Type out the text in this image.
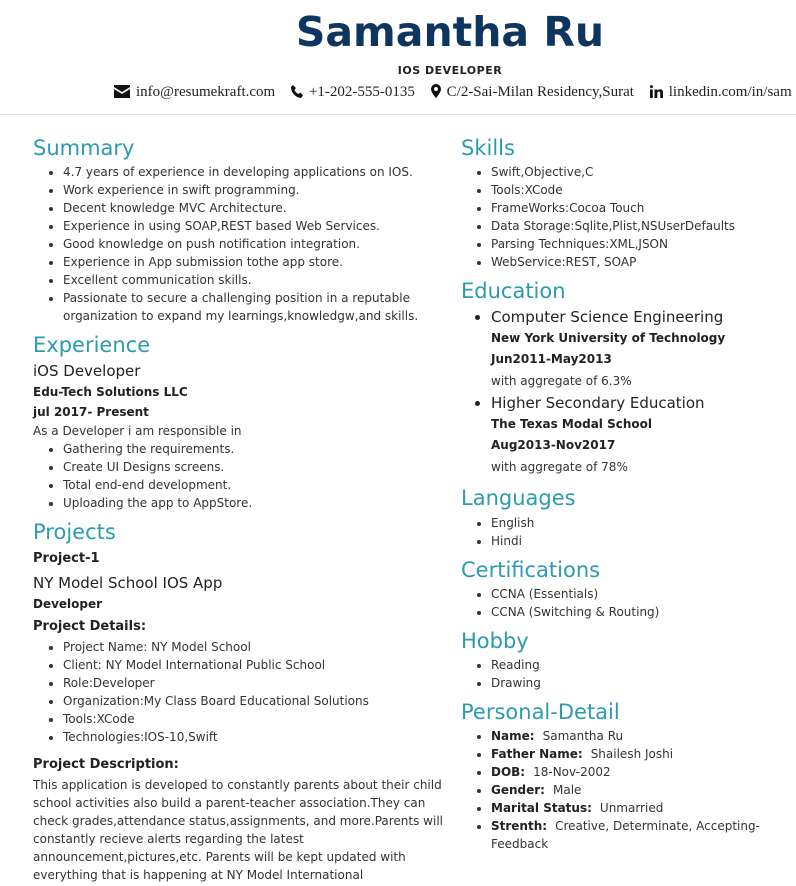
Samantha Ru
IOS DEVELOPER
info@resumekraft.com +1-202-555-0135 C/2-Sai-Milan Residency,Surat linkedin.com/in/sam
Summary
• 4.7 years of experience in developing applications on IOS.
• Work experience in swift programming.
• Decent knowledge MVC Architecture.
• Experience in using SOAP,REST based Web Services.
• Good knowledge on push notification integration.
• Experience in App submission tothe app store.
• Excellent communication skills.
• Passionate to secure a challenging position in a reputable organization to expand my learnings,knowledgw,and skills.
Experience
iOS Developer
Edu-Tech Solutions LLC
jul 2017- Present
As a Developer i am responsible in
• Gathering the requirements.
• Create UI Designs screens.
• Total end-end development.
• Uploading the app to AppStore.
Projects
Project-1
NY Model School IOS App
Developer
Project Details:
• Project Name: NY Model School
• Client: NY Model International Public School
• Role:Developer
• Organization:My Class Board Educational Solutions
• Tools:XCode
• Technologies:IOS-10,Swift
Project Description:
This application is developed to constantly parents about their child school activities also build a parent-teacher association.They can check grades,attendance status,assignments, and more.Parents will constantly recieve alerts regarding the latest announcement,pictures,etc. Parents will be kept updated with everything that is happening at NY Model International
Skills
• Swift,Objective,C
• Tools:XCode
• FrameWorks:Cocoa Touch
• Data Storage:Sqlite,Plist,NSUserDefaults
• Parsing Techniques:XML,JSON
• WebService:REST, SOAP
Education
• Computer Science Engineering
New York University of Technology
Jun2011-May2013
with aggregate of 6.3%
• Higher Secondary Education
The Texas Modal School
Aug2013-Nov2017
with aggregate of 78%
Languages
• English
• Hindi
Certifications
• CCNA (Essentials)
• CCNA (Switching & Routing)
Hobby
• Reading
• Drawing
Personal-Detail
• Name: Samantha Ru
• Father Name: Shailesh Joshi
• DOB: 18-Nov-2002
• Gender: Male
• Marital Status: Unmarried
• Strenth: Creative, Determinate, Accepting-Feedback
